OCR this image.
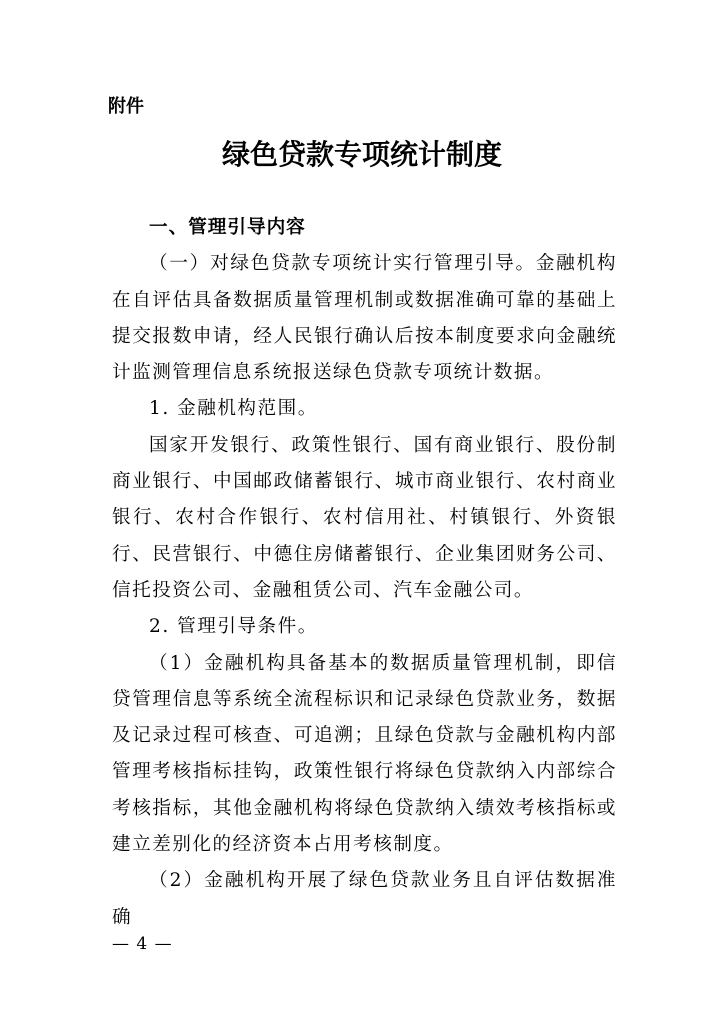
附件
绿色贷款专项统计制度

一、管理引导内容

（一）对绿色贷款专项统计实行管理引导。金融机构在自评估具备数据质量管理机制或数据准确可靠的基础上提交报数申请，经人民银行确认后按本制度要求向金融统计监测管理信息系统报送绿色贷款专项统计数据。

1. 金融机构范围。

国家开发银行、政策性银行、国有商业银行、股份制商业银行、中国邮政储蓄银行、城市商业银行、农村商业银行、农村合作银行、农村信用社、村镇银行、外资银行、民营银行、中德住房储蓄银行、企业集团财务公司、信托投资公司、金融租赁公司、汽车金融公司。

2. 管理引导条件。

（1）金融机构具备基本的数据质量管理机制，即信贷管理信息等系统全流程标识和记录绿色贷款业务，数据及记录过程可核查、可追溯；且绿色贷款与金融机构内部管理考核指标挂钩，政策性银行将绿色贷款纳入内部综合考核指标，其他金融机构将绿色贷款纳入绩效考核指标或建立差别化的经济资本占用考核制度。

（2）金融机构开展了绿色贷款业务且自评估数据准确

— 4 —
